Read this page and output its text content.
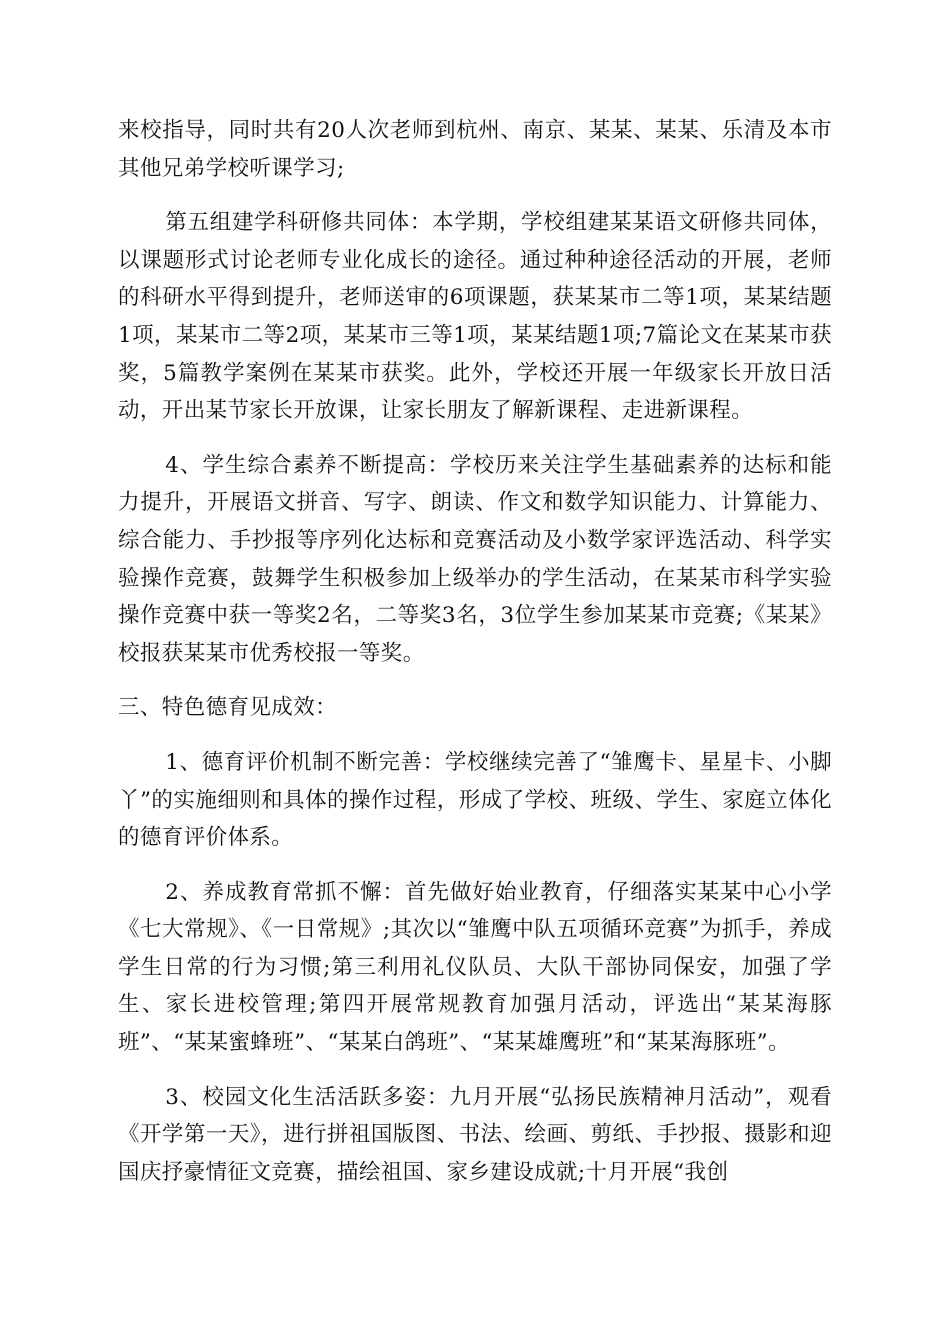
来校指导，同时共有20人次老师到杭州、南京、某某、某某、乐清及本市其他兄弟学校听课学习;

第五组建学科研修共同体：本学期，学校组建某某语文研修共同体，以课题形式讨论老师专业化成长的途径。通过种种途径活动的开展，老师的科研水平得到提升，老师送审的6项课题，获某某市二等1项，某某结题1项，某某市二等2项，某某市三等1项，某某结题1项;7篇论文在某某市获奖，5篇教学案例在某某市获奖。此外，学校还开展一年级家长开放日活动，开出某节家长开放课，让家长朋友了解新课程、走进新课程。

4、学生综合素养不断提高：学校历来关注学生基础素养的达标和能力提升，开展语文拼音、写字、朗读、作文和数学知识能力、计算能力、综合能力、手抄报等序列化达标和竞赛活动及小数学家评选活动、科学实验操作竞赛，鼓舞学生积极参加上级举办的学生活动，在某某市科学实验操作竞赛中获一等奖2名，二等奖3名，3位学生参加某某市竞赛;《某某》校报获某某市优秀校报一等奖。

三、特色德育见成效：

1、德育评价机制不断完善：学校继续完善了“雏鹰卡、星星卡、小脚丫”的实施细则和具体的操作过程，形成了学校、班级、学生、家庭立体化的德育评价体系。

2、养成教育常抓不懈：首先做好始业教育，仔细落实某某中心小学《七大常规》、《一日常规》;其次以“雏鹰中队五项循环竞赛”为抓手，养成学生日常的行为习惯;第三利用礼仪队员、大队干部协同保安，加强了学生、家长进校管理;第四开展常规教育加强月活动，评选出“某某海豚班”、“某某蜜蜂班”、“某某白鸽班”、“某某雄鹰班”和“某某海豚班”。

3、校园文化生活活跃多姿：九月开展“弘扬民族精神月活动”，观看《开学第一天》，进行拼祖国版图、书法、绘画、剪纸、手抄报、摄影和迎国庆抒豪情征文竞赛，描绘祖国、家乡建设成就;十月开展“我创
